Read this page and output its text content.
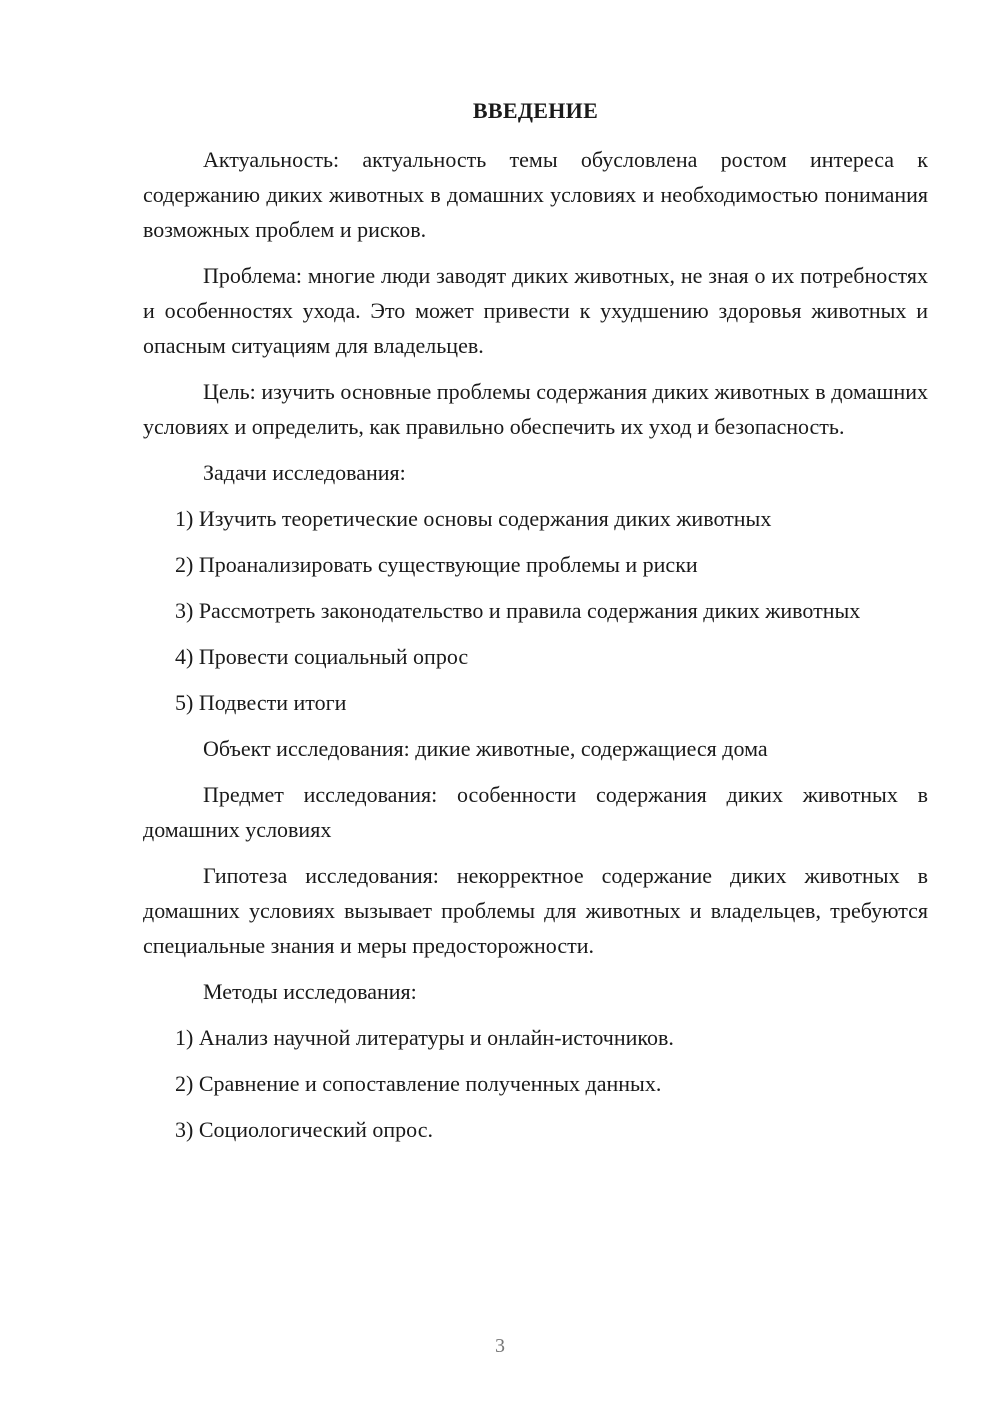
ВВЕДЕНИЕ

Актуальность: актуальность темы обусловлена ростом интереса к содержанию диких животных в домашних условиях и необходимостью понимания возможных проблем и рисков.

Проблема: многие люди заводят диких животных, не зная о их потребностях и особенностях ухода. Это может привести к ухудшению здоровья животных и опасным ситуациям для владельцев.

Цель: изучить основные проблемы содержания диких животных в домашних условиях и определить, как правильно обеспечить их уход и безопасность.

Задачи исследования:

1) Изучить теоретические основы содержания диких животных

2) Проанализировать существующие проблемы и риски

3) Рассмотреть законодательство и правила содержания диких животных

4) Провести социальный опрос

5) Подвести итоги

Объект исследования: дикие животные, содержащиеся дома

Предмет исследования: особенности содержания диких животных в домашних условиях

Гипотеза исследования: некорректное содержание диких животных в домашних условиях вызывает проблемы для животных и владельцев, требуются специальные знания и меры предосторожности.

Методы исследования:

1) Анализ научной литературы и онлайн-источников.

2) Сравнение и сопоставление полученных данных.

3) Социологический опрос.

3
